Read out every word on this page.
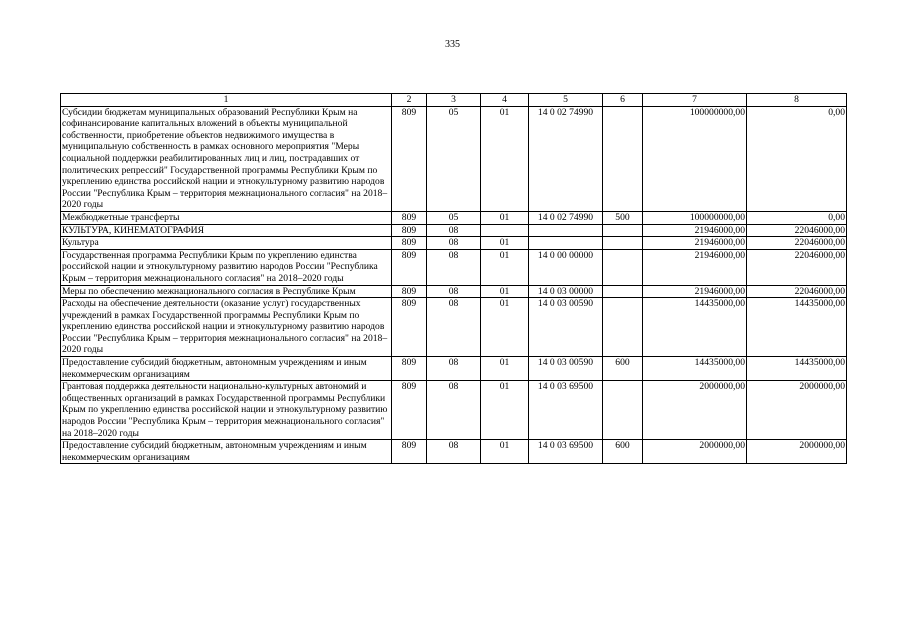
335
1	2	3	4	5	6	7	8
Субсидии бюджетам муниципальных образований Республики Крым на софинансирование капитальных вложений в объекты муниципальной собственности, приобретение объектов недвижимого имущества в муниципальную собственность в рамках основного мероприятия "Меры социальной поддержки реабилитированных лиц и лиц, пострадавших от политических репрессий" Государственной программы Республики Крым по укреплению единства российской нации и этнокультурному развитию народов России "Республика Крым – территория межнационального согласия" на 2018–2020 годы	809	05	01	14 0 02 74990		100000000,00	0,00
Межбюджетные трансферты	809	05	01	14 0 02 74990	500	100000000,00	0,00
КУЛЬТУРА, КИНЕМАТОГРАФИЯ	809	08				21946000,00	22046000,00
Культура	809	08	01			21946000,00	22046000,00
Государственная программа Республики Крым по укреплению единства российской нации и этнокультурному развитию народов России "Республика Крым – территория межнационального согласия" на 2018–2020 годы	809	08	01	14 0 00 00000		21946000,00	22046000,00
Меры по обеспечению межнационального согласия в Республике Крым	809	08	01	14 0 03 00000		21946000,00	22046000,00
Расходы на обеспечение деятельности (оказание услуг) государственных учреждений в рамках Государственной программы Республики Крым по укреплению единства российской нации и этнокультурному развитию народов России "Республика Крым – территория межнационального согласия" на 2018–2020 годы	809	08	01	14 0 03 00590		14435000,00	14435000,00
Предоставление субсидий бюджетным, автономным учреждениям и иным некоммерческим организациям	809	08	01	14 0 03 00590	600	14435000,00	14435000,00
Грантовая поддержка деятельности национально-культурных автономий и общественных организаций в рамках Государственной программы Республики Крым по укреплению единства российской нации и этнокультурному развитию народов России "Республика Крым – территория межнационального согласия" на 2018–2020 годы	809	08	01	14 0 03 69500		2000000,00	2000000,00
Предоставление субсидий бюджетным, автономным учреждениям и иным некоммерческим организациям	809	08	01	14 0 03 69500	600	2000000,00	2000000,00
